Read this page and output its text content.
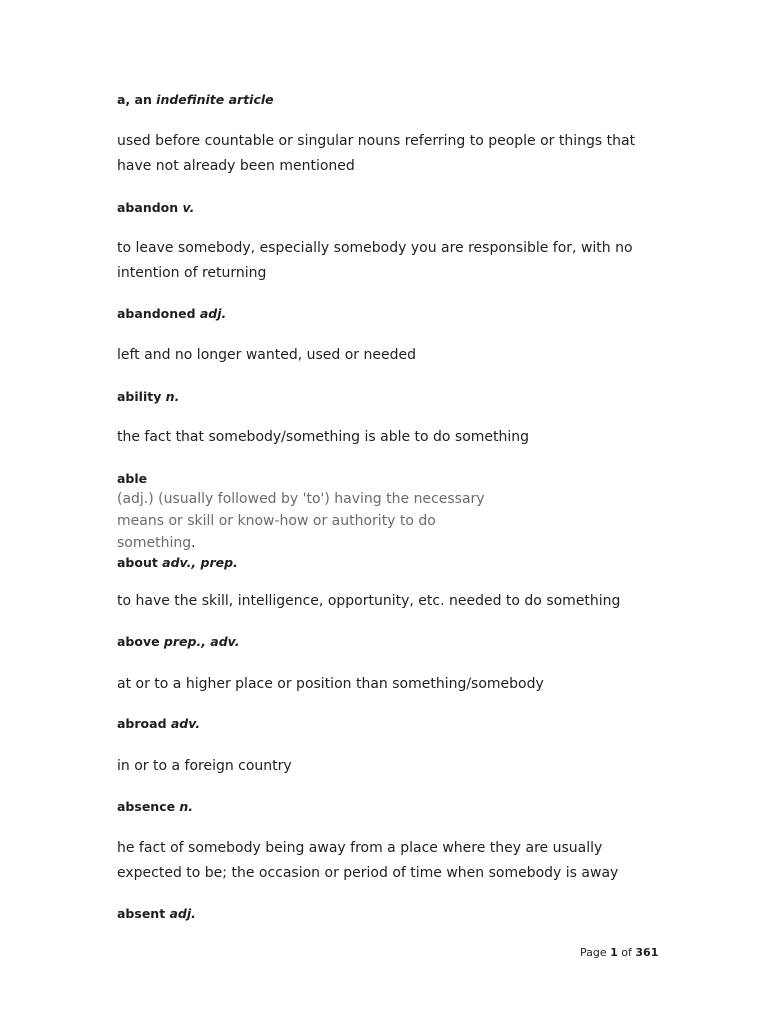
a, an indefinite article
used before countable or singular nouns referring to people or things that have not already been mentioned
abandon v.
to leave somebody, especially somebody you are responsible for, with no intention of returning
abandoned adj.
left and no longer wanted, used or needed
ability n.
the fact that somebody/something is able to do something
able
(adj.) (usually followed by 'to') having the necessary means or skill or know-how or authority to do something.
about adv., prep.
to have the skill, intelligence, opportunity, etc. needed to do something
above prep., adv.
at or to a higher place or position than something/somebody
abroad adv.
in or to a foreign country
absence n.
he fact of somebody being away from a place where they are usually expected to be; the occasion or period of time when somebody is away
absent adj.
Page 1 of 361
